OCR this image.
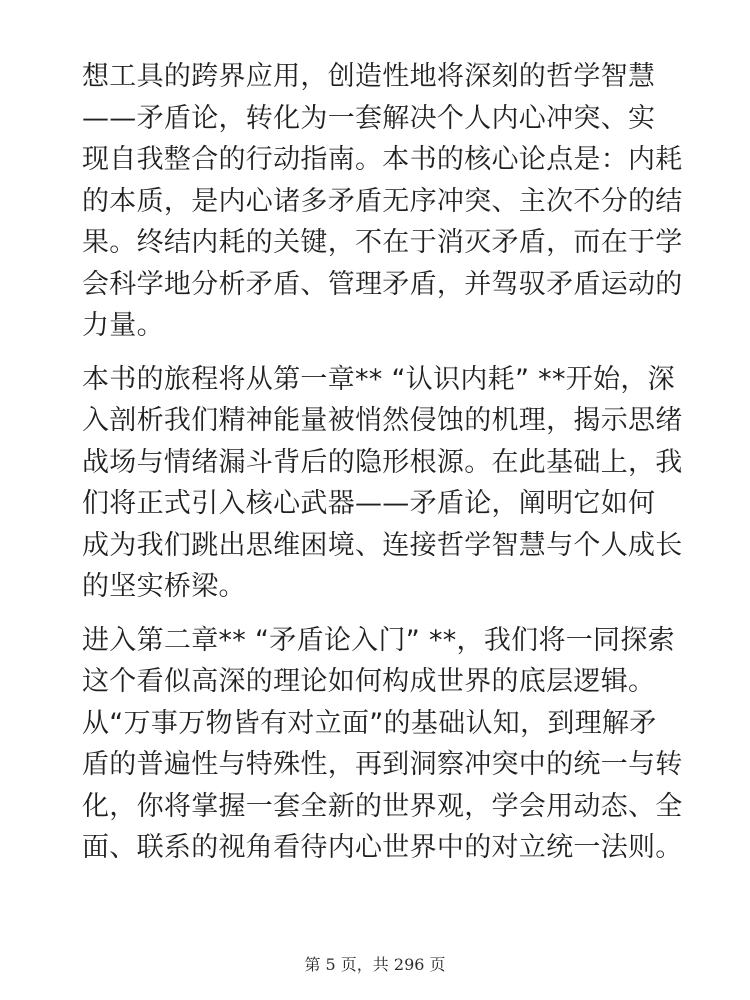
想工具的跨界应用，创造性地将深刻的哲学智慧
——矛盾论，转化为一套解决个人内心冲突、实
现自我整合的行动指南。本书的核心论点是：内耗
的本质，是内心诸多矛盾无序冲突、主次不分的结
果。终结内耗的关键，不在于消灭矛盾，而在于学
会科学地分析矛盾、管理矛盾，并驾驭矛盾运动的
力量。
本书的旅程将从第一章** “认识内耗” **开始，深
入剖析我们精神能量被悄然侵蚀的机理，揭示思绪
战场与情绪漏斗背后的隐形根源。在此基础上，我
们将正式引入核心武器——矛盾论，阐明它如何
成为我们跳出思维困境、连接哲学智慧与个人成长
的坚实桥梁。
进入第二章** “矛盾论入门” **，我们将一同探索
这个看似高深的理论如何构成世界的底层逻辑。
从“万事万物皆有对立面”的基础认知，到理解矛
盾的普遍性与特殊性，再到洞察冲突中的统一与转
化，你将掌握一套全新的世界观，学会用动态、全
面、联系的视角看待内心世界中的对立统一法则。
第 5 页，共 296 页
